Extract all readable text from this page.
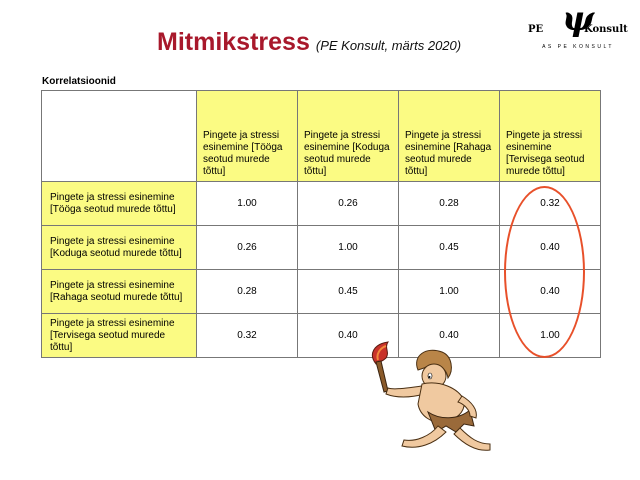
Mitmikstress (PE Konsult, märts 2020)
PE ψ
Konsult
AS PE KONSULT
Korrelatsioonid
	Pingete ja stressi esinemine [Tööga seotud murede tõttu]	Pingete ja stressi esinemine [Koduga seotud murede tõttu]	Pingete ja stressi esinemine [Rahaga seotud murede tõttu]	Pingete ja stressi esinemine [Tervisega seotud murede tõttu]
Pingete ja stressi esinemine [Tööga seotud murede tõttu]	1.00	0.26	0.28	0.32
Pingete ja stressi esinemine [Koduga seotud murede tõttu]	0.26	1.00	0.45	0.40
Pingete ja stressi esinemine [Rahaga seotud murede tõttu]	0.28	0.45	1.00	0.40
Pingete ja stressi esinemine [Tervisega seotud murede tõttu]	0.32	0.40	0.40	1.00
